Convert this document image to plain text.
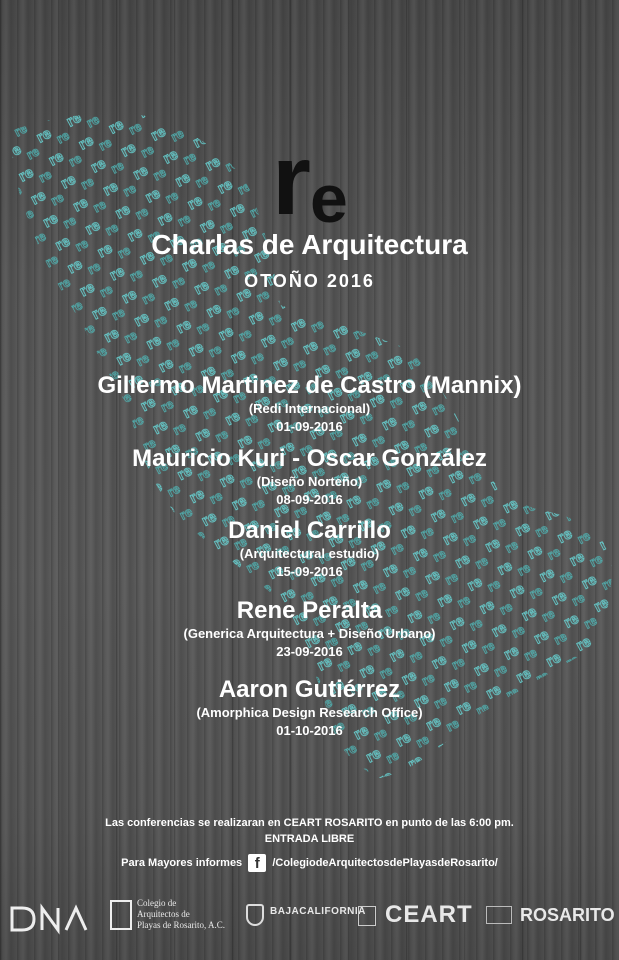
r e
Charlas de Arquitectura
OTOÑO 2016
Gillermo Martinez de Castro (Mannix)
(Redi Internacional)
01-09-2016
Mauricio Kuri - Oscar González
(Diseño Norteño)
08-09-2016
Daniel Carrillo
(Arquitectural estudio)
15-09-2016
Rene Peralta
(Generica Arquitectura + Diseño Urbano)
23-09-2016
Aaron Gutiérrez
(Amorphica Design Research Office)
01-10-2016
Las conferencias se realizaran en CEART ROSARITO en punto de las 6:00 pm.
ENTRADA LIBRE
Para Mayores informes f /ColegiodeArquitectosdePlayasdeRosarito/
Colegio de
Arquitectos de
Playas de Rosarito, A.C.
BAJACALIFORNIA CEART	ROSARITO
